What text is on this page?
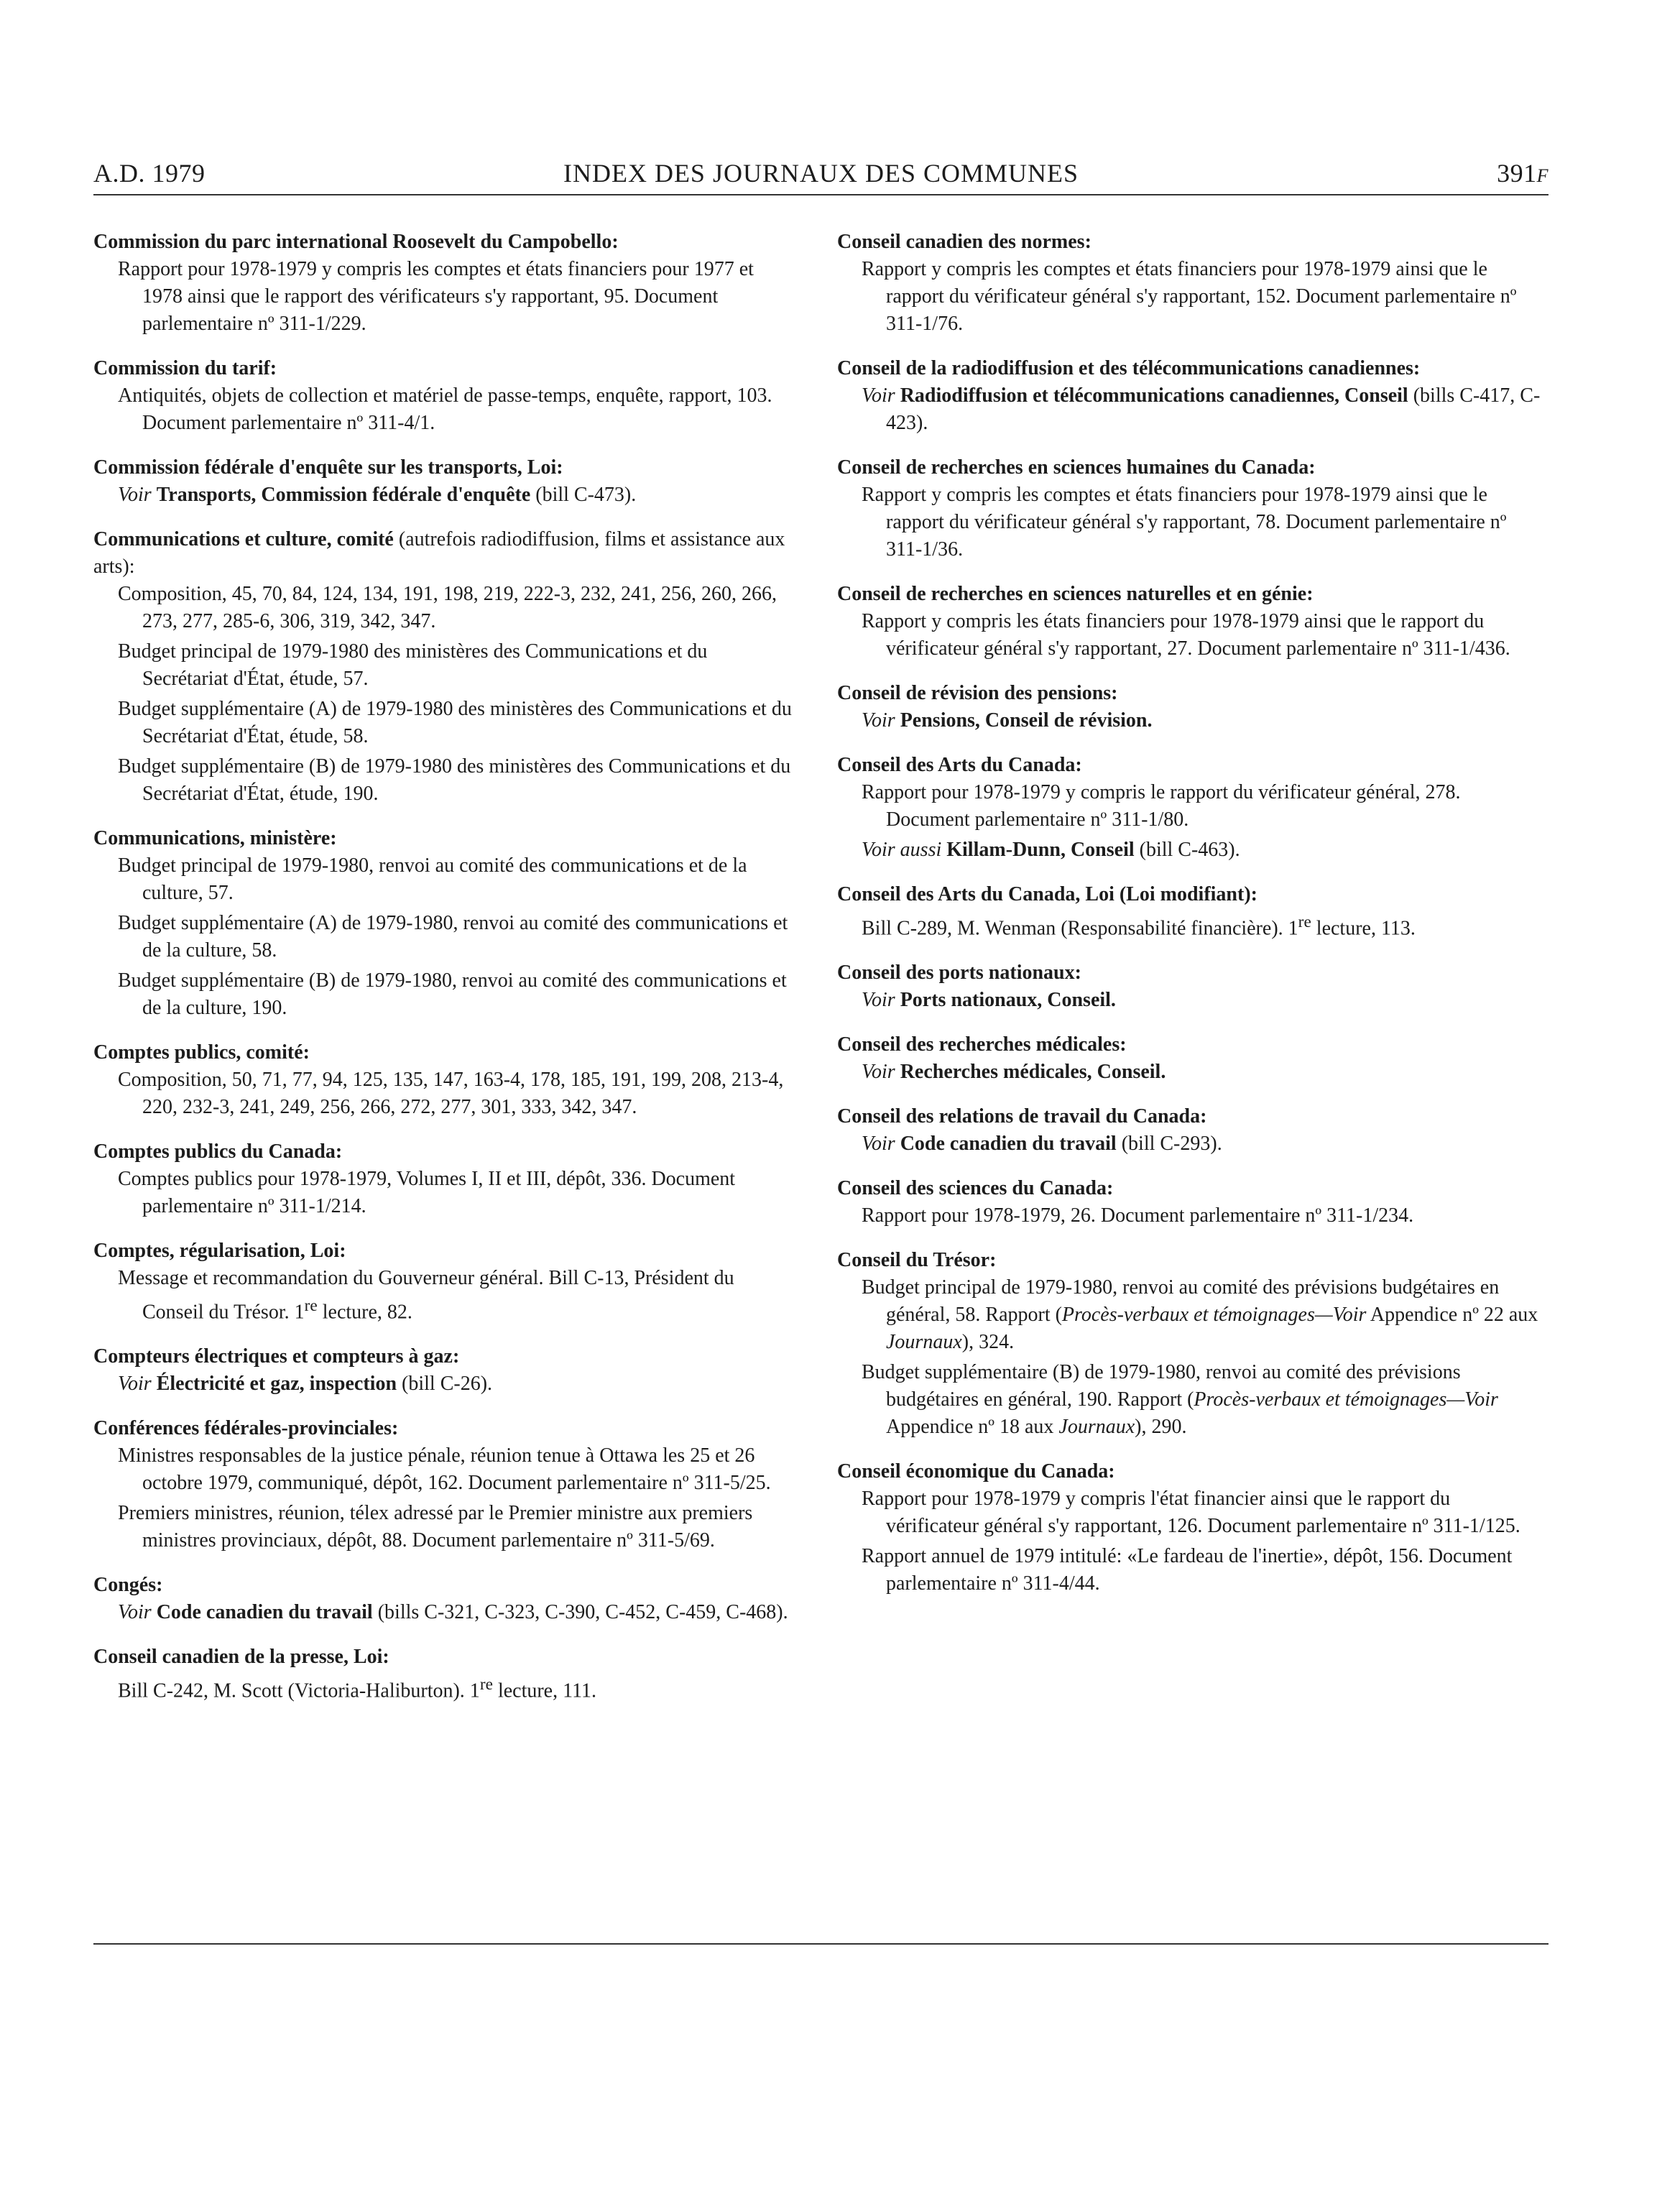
A.D. 1979	INDEX DES JOURNAUX DES COMMUNES	391F
Commission du parc international Roosevelt du Campobello:
Rapport pour 1978-1979 y compris les comptes et états financiers pour 1977 et 1978 ainsi que le rapport des vérificateurs s'y rapportant, 95. Document parlementaire nº 311-1/229.
Commission du tarif:
Antiquités, objets de collection et matériel de passe-temps, enquête, rapport, 103. Document parlementaire nº 311-4/1.
Commission fédérale d'enquête sur les transports, Loi:
Voir Transports, Commission fédérale d'enquête (bill C-473).
Communications et culture, comité (autrefois radiodiffusion, films et assistance aux arts):
Composition, 45, 70, 84, 124, 134, 191, 198, 219, 222-3, 232, 241, 256, 260, 266, 273, 277, 285-6, 306, 319, 342, 347.
Budget principal de 1979-1980 des ministères des Communications et du Secrétariat d'État, étude, 57.
Budget supplémentaire (A) de 1979-1980 des ministères des Communications et du Secrétariat d'État, étude, 58.
Budget supplémentaire (B) de 1979-1980 des ministères des Communications et du Secrétariat d'État, étude, 190.
Communications, ministère:
Budget principal de 1979-1980, renvoi au comité des communications et de la culture, 57.
Budget supplémentaire (A) de 1979-1980, renvoi au comité des communications et de la culture, 58.
Budget supplémentaire (B) de 1979-1980, renvoi au comité des communications et de la culture, 190.
Comptes publics, comité:
Composition, 50, 71, 77, 94, 125, 135, 147, 163-4, 178, 185, 191, 199, 208, 213-4, 220, 232-3, 241, 249, 256, 266, 272, 277, 301, 333, 342, 347.
Comptes publics du Canada:
Comptes publics pour 1978-1979, Volumes I, II et III, dépôt, 336. Document parlementaire nº 311-1/214.
Comptes, régularisation, Loi:
Message et recommandation du Gouverneur général. Bill C-13, Président du Conseil du Trésor. 1re lecture, 82.
Compteurs électriques et compteurs à gaz:
Voir Électricité et gaz, inspection (bill C-26).
Conférences fédérales-provinciales:
Ministres responsables de la justice pénale, réunion tenue à Ottawa les 25 et 26 octobre 1979, communiqué, dépôt, 162. Document parlementaire nº 311-5/25.
Premiers ministres, réunion, télex adressé par le Premier ministre aux premiers ministres provinciaux, dépôt, 88. Document parlementaire nº 311-5/69.
Congés:
Voir Code canadien du travail (bills C-321, C-323, C-390, C-452, C-459, C-468).
Conseil canadien de la presse, Loi:
Bill C-242, M. Scott (Victoria-Haliburton). 1re lecture, 111.
Conseil canadien des normes:
Rapport y compris les comptes et états financiers pour 1978-1979 ainsi que le rapport du vérificateur général s'y rapportant, 152. Document parlementaire nº 311-1/76.
Conseil de la radiodiffusion et des télécommunications canadiennes:
Voir Radiodiffusion et télécommunications canadiennes, Conseil (bills C-417, C-423).
Conseil de recherches en sciences humaines du Canada:
Rapport y compris les comptes et états financiers pour 1978-1979 ainsi que le rapport du vérificateur général s'y rapportant, 78. Document parlementaire nº 311-1/36.
Conseil de recherches en sciences naturelles et en génie:
Rapport y compris les états financiers pour 1978-1979 ainsi que le rapport du vérificateur général s'y rapportant, 27. Document parlementaire nº 311-1/436.
Conseil de révision des pensions:
Voir Pensions, Conseil de révision.
Conseil des Arts du Canada:
Rapport pour 1978-1979 y compris le rapport du vérificateur général, 278. Document parlementaire nº 311-1/80.
Voir aussi Killam-Dunn, Conseil (bill C-463).
Conseil des Arts du Canada, Loi (Loi modifiant):
Bill C-289, M. Wenman (Responsabilité financière). 1re lecture, 113.
Conseil des ports nationaux:
Voir Ports nationaux, Conseil.
Conseil des recherches médicales:
Voir Recherches médicales, Conseil.
Conseil des relations de travail du Canada:
Voir Code canadien du travail (bill C-293).
Conseil des sciences du Canada:
Rapport pour 1978-1979, 26. Document parlementaire nº 311-1/234.
Conseil du Trésor:
Budget principal de 1979-1980, renvoi au comité des prévisions budgétaires en général, 58. Rapport (Procès-verbaux et témoignages—Voir Appendice nº 22 aux Journaux), 324.
Budget supplémentaire (B) de 1979-1980, renvoi au comité des prévisions budgétaires en général, 190. Rapport (Procès-verbaux et témoignages—Voir Appendice nº 18 aux Journaux), 290.
Conseil économique du Canada:
Rapport pour 1978-1979 y compris l'état financier ainsi que le rapport du vérificateur général s'y rapportant, 126. Document parlementaire nº 311-1/125.
Rapport annuel de 1979 intitulé: «Le fardeau de l'inertie», dépôt, 156. Document parlementaire nº 311-4/44.
